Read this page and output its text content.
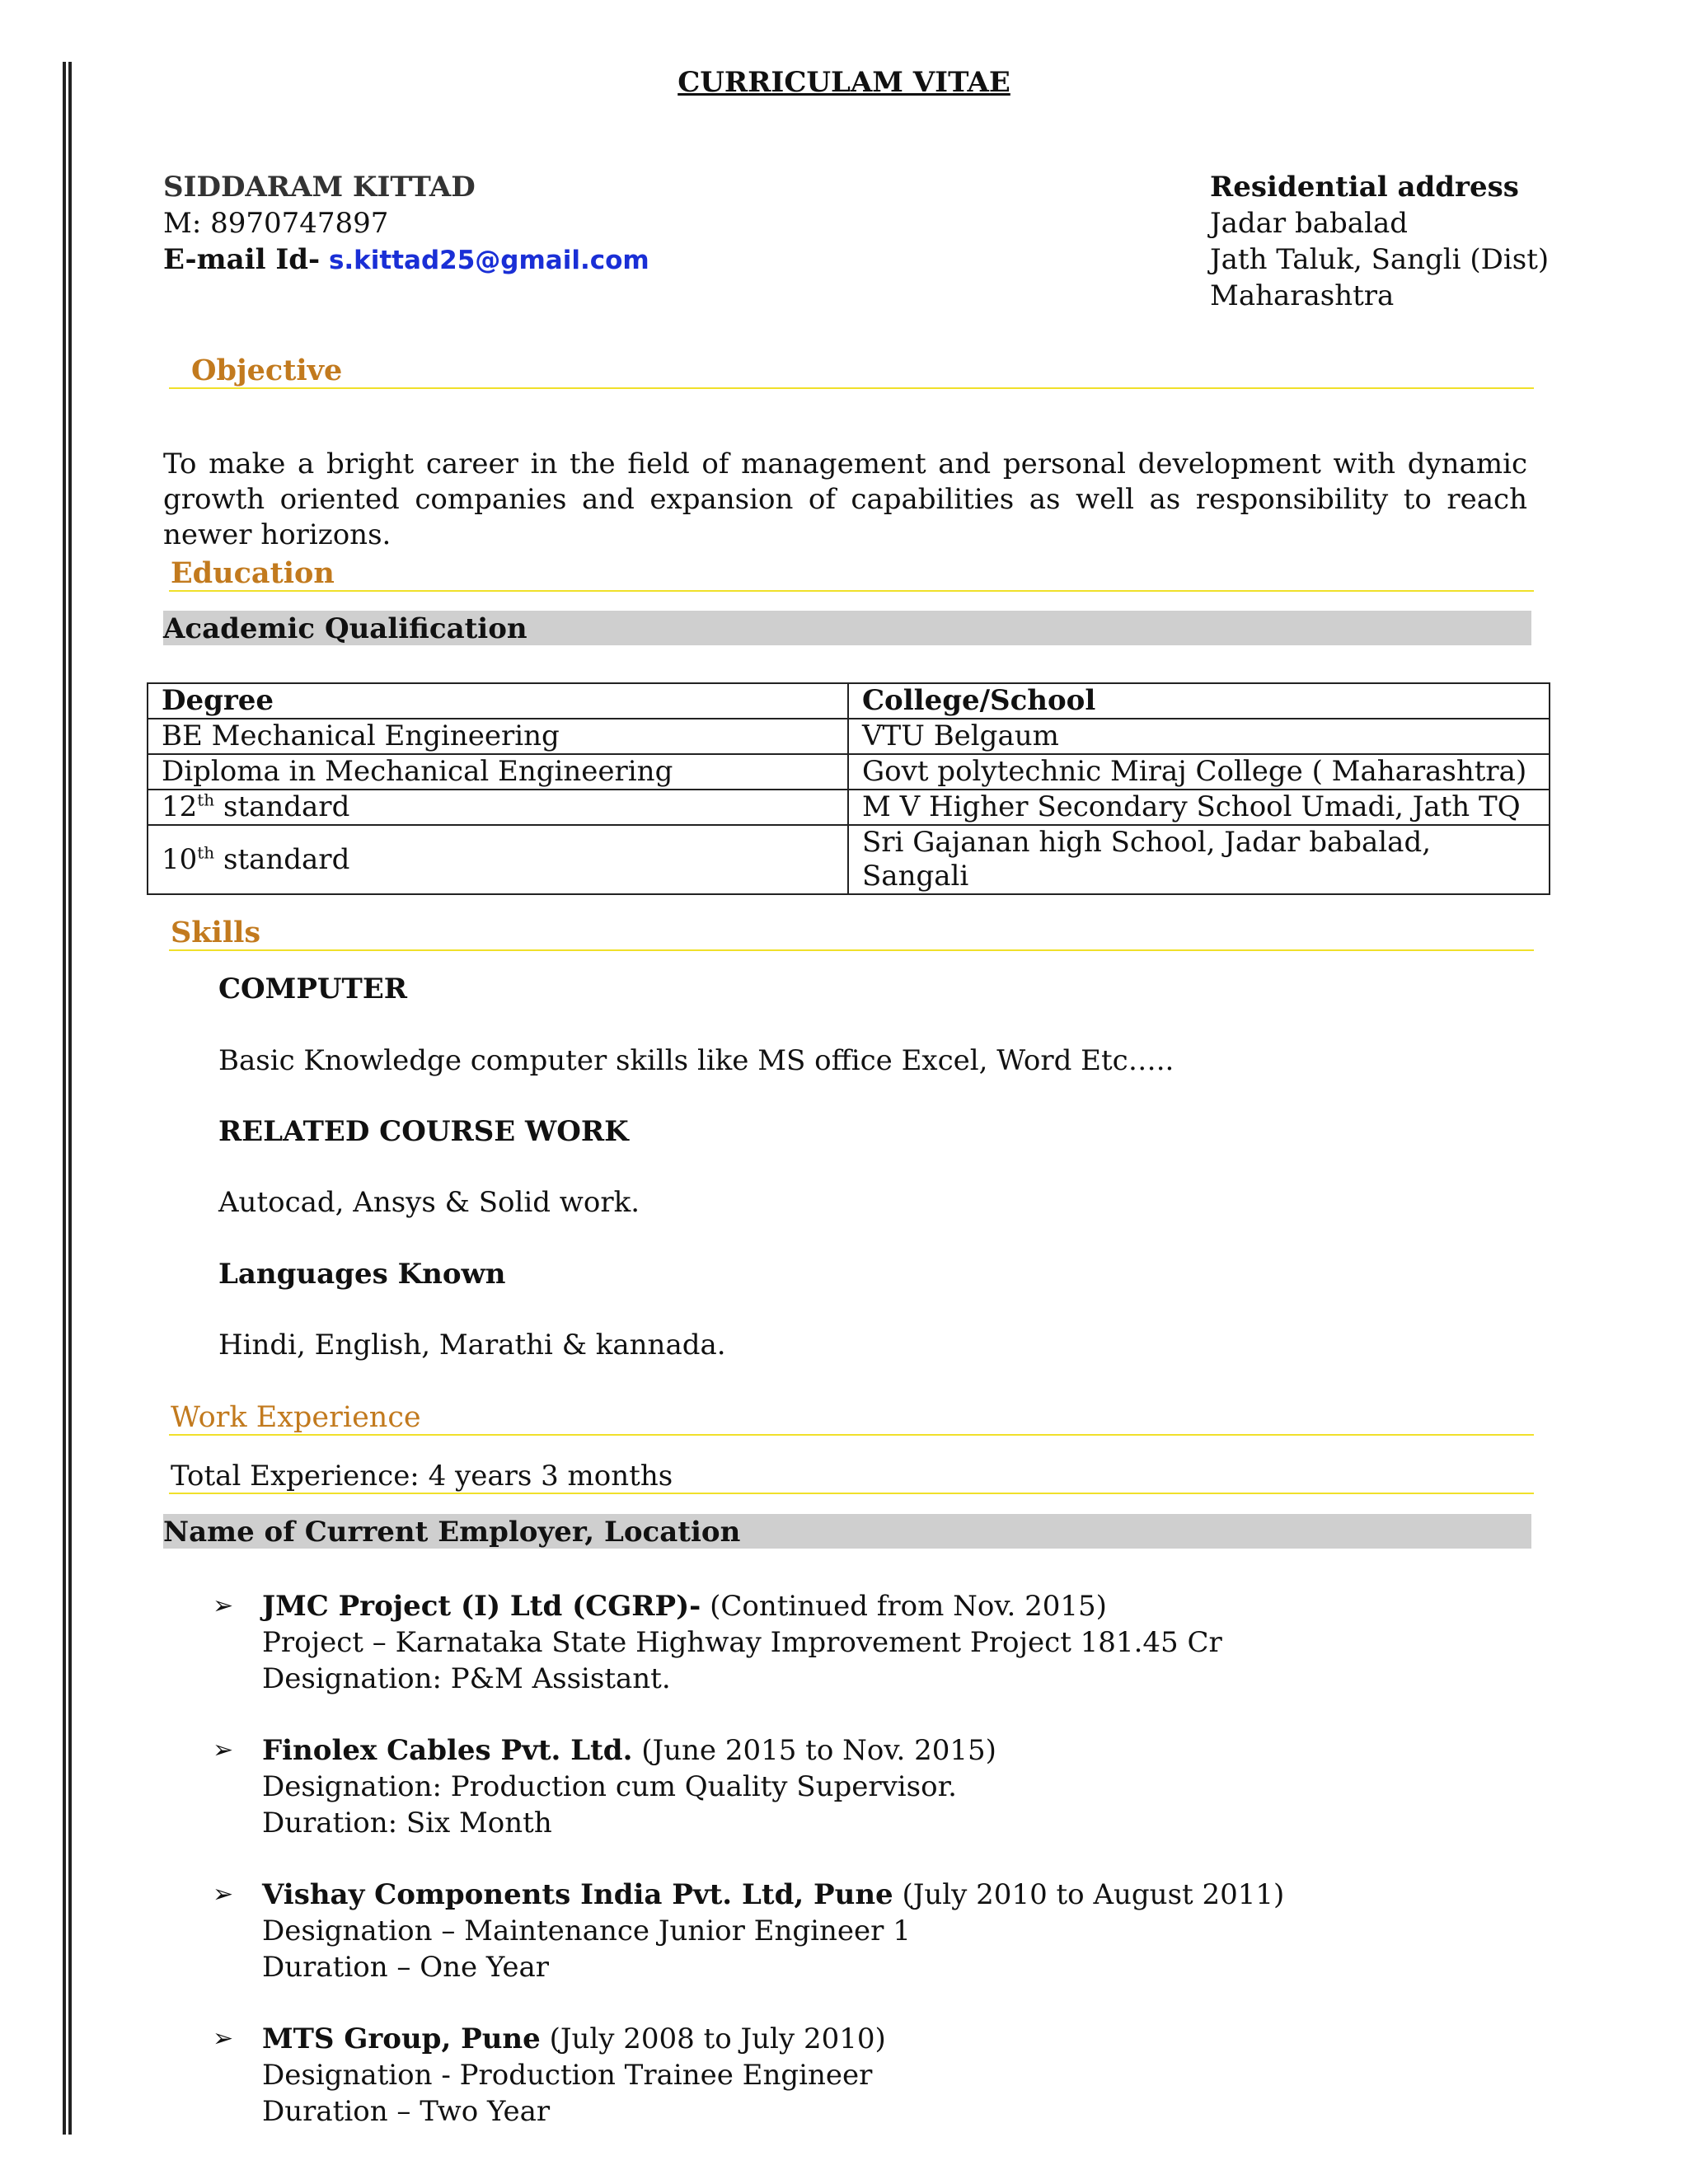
CURRICULAM VITAE
SIDDARAM KITTAD
M: 8970747897
E-mail Id- s.kittad25@gmail.com
Residential address
Jadar babalad
Jath Taluk, Sangli (Dist)
Maharashtra
Objective
To make a bright career in the field of management and personal development with dynamic growth oriented companies and expansion of capabilities as well as responsibility to reach newer horizons.
Education
Academic Qualification
Degree	College/School
BE Mechanical Engineering	VTU Belgaum
Diploma in Mechanical Engineering	Govt polytechnic Miraj College ( Maharashtra)
12th standard	M V Higher Secondary School Umadi, Jath TQ
10th standard	Sri Gajanan high School, Jadar babalad, Sangali
Skills
COMPUTER
Basic Knowledge computer skills like MS office Excel, Word Etc…..
RELATED COURSE WORK
Autocad, Ansys & Solid work.
Languages Known
Hindi, English, Marathi & kannada.
Work Experience
Total Experience: 4 years 3 months
Name of Current Employer, Location
➢ JMC Project (I) Ltd (CGRP)- (Continued from Nov. 2015)
Project – Karnataka State Highway Improvement Project 181.45 Cr
Designation: P&M Assistant.
➢ Finolex Cables Pvt. Ltd. (June 2015 to Nov. 2015)
Designation: Production cum Quality Supervisor.
Duration: Six Month
➢ Vishay Components India Pvt. Ltd, Pune (July 2010 to August 2011)
Designation – Maintenance Junior Engineer 1
Duration – One Year
➢ MTS Group, Pune (July 2008 to July 2010)
Designation - Production Trainee Engineer
Duration – Two Year
